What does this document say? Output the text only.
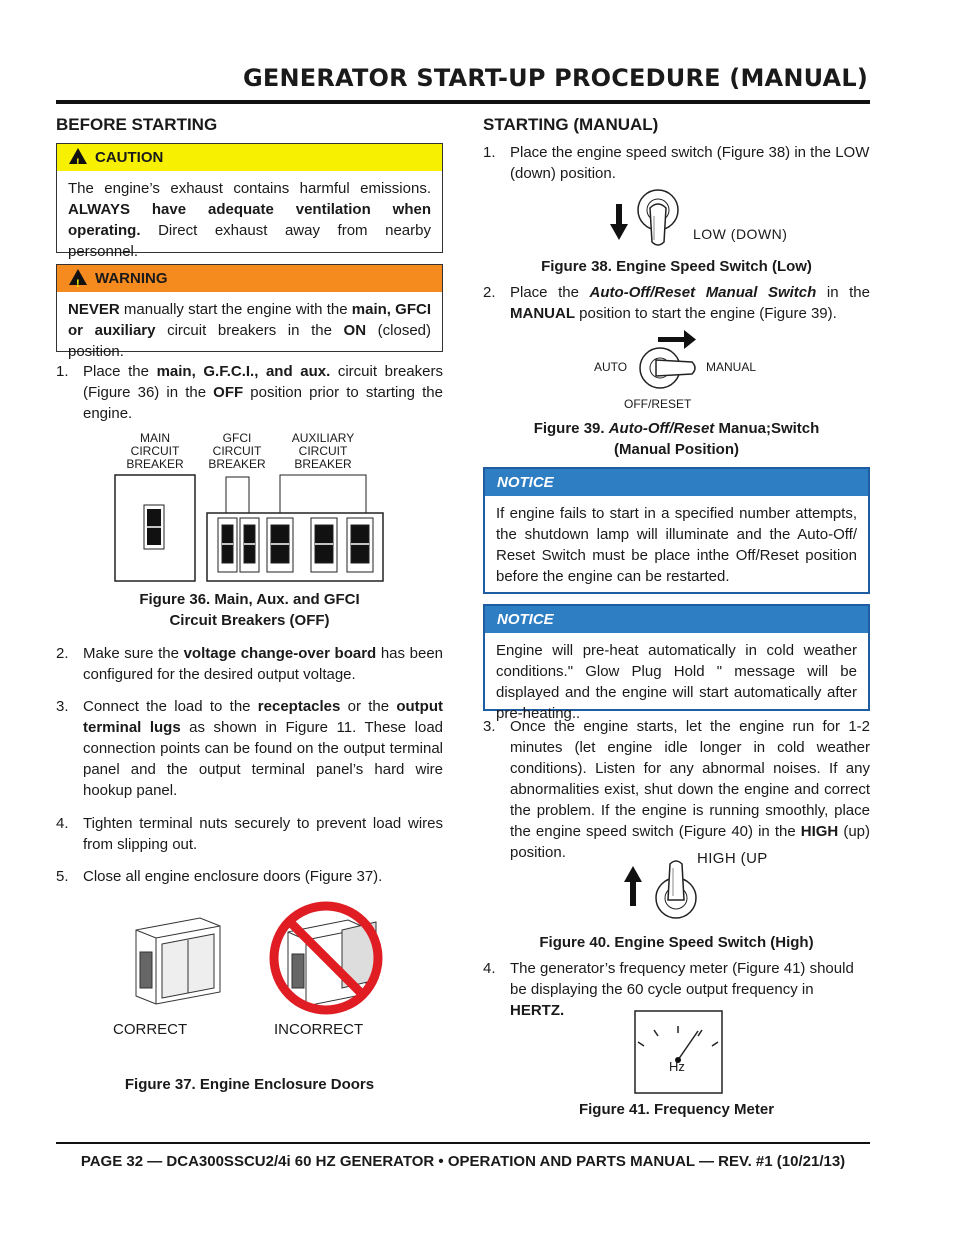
GENERATOR START-UP PROCEDURE (MANUAL)
BEFORE STARTING
!CAUTION
The engine’s exhaust contains harmful emissions. ALWAYS have adequate ventilation when operating. Direct exhaust away from nearby personnel.
!WARNING
NEVER manually start the engine with the main, GFCI or auxiliary circuit breakers in the ON (closed) position.
1. Place the main, G.F.C.I., and aux. circuit breakers (Figure 36) in the OFF position prior to starting the engine.
MAIN
CIRCUIT
BREAKER
GFCI
CIRCUIT
BREAKER
AUXILIARY
CIRCUIT
BREAKER
Figure 36. Main, Aux. and GFCI
Circuit Breakers (OFF)
2. Make sure the voltage change-over board has been configured for the desired output voltage.
3. Connect the load to the receptacles or the output terminal lugs as shown in Figure 11. These load connection points can be found on the output terminal panel and the output terminal panel’s hard wire hookup panel.
4. Tighten terminal nuts securely to prevent load wires from slipping out.
5. Close all engine enclosure doors (Figure 37).
CORRECT	INCORRECT
Figure 37. Engine Enclosure Doors
STARTING (MANUAL)
1. Place the engine speed switch (Figure 38) in the LOW (down) position.
LOW (DOWN)
Figure 38. Engine Speed Switch (Low)
2. Place the Auto-Off/Reset Manual Switch in the MANUAL position to start the engine (Figure 39).
AUTO	MANUAL
OFF/RESET
Figure 39. Auto-Off/Reset Manua;Switch
(Manual Position)
NOTICE
If engine fails to start in a specified number attempts, the shutdown lamp will illuminate and the Auto-Off/ Reset Switch must be place inthe Off/Reset position before the engine can be restarted.
NOTICE
Engine will pre-heat automatically in cold weather conditions." Glow Plug Hold " message will be displayed and the engine will start automatically after pre-heating..
3. Once the engine starts, let the engine run for 1-2 minutes (let engine idle longer in cold weather conditions). Listen for any abnormal noises. If any abnormalities exist, shut down the engine and correct the problem. If the engine is running smoothly, place the engine speed switch (Figure 40) in the HIGH (up) position.	HIGH (UP
Figure 40. Engine Speed Switch (High)
4. The generator’s frequency meter (Figure 41) should be displaying the 60 cycle output frequency in HERTZ.
Hz
Figure 41. Frequency Meter
PAGE 32 — DCA300SSCU2/4i 60 HZ GENERATOR • OPERATION AND PARTS MANUAL — REV. #1 (10/21/13)
